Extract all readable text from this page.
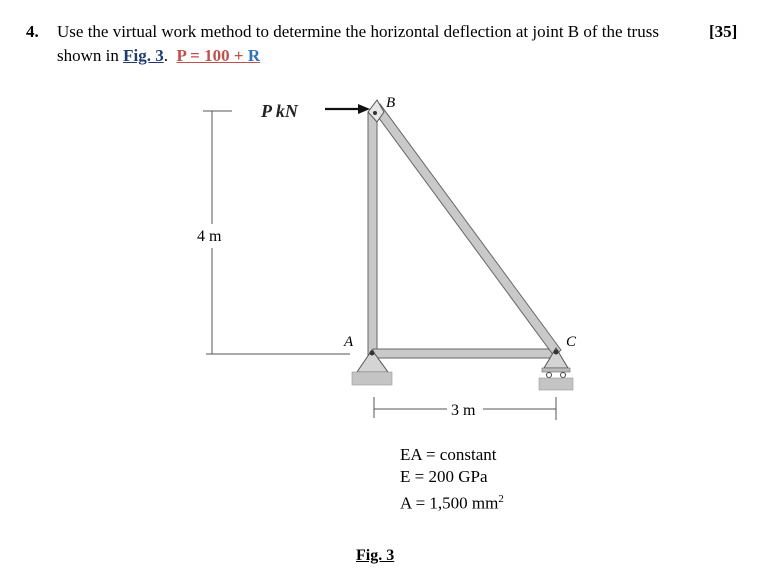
4. Use the virtual work method to determine the horizontal deflection at joint B of the truss
shown in Fig. 3. P = 100 + R
[35]
4 m
P kN	B
A	C
3 m
EA = constant
E = 200 GPa
A = 1,500 $mm^2$
Fig. 3
